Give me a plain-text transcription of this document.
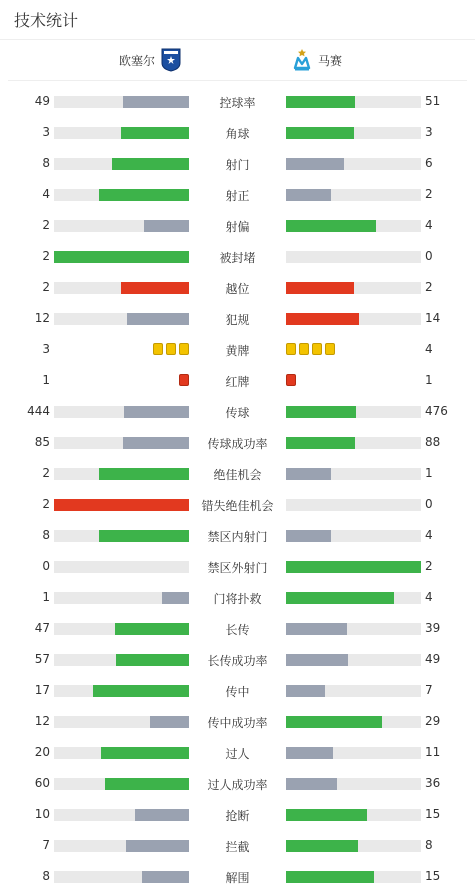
技术统计
欧塞尔	马赛
49	控球率	51
3	角球	3
8	射门	6
4	射正	2
2	射偏	4
2	被封堵	0
2	越位	2
12	犯规	14
3	黄牌	4
1	红牌	1
444	传球	476
85	传球成功率	88
2	绝佳机会	1
2	错失绝佳机会	0
8	禁区内射门	4
0	禁区外射门	2
1	门将扑救	4
47	长传	39
57	长传成功率	49
17	传中	7
12	传中成功率	29
20	过人	11
60	过人成功率	36
10	抢断	15
7	拦截	8
8	解围	15
